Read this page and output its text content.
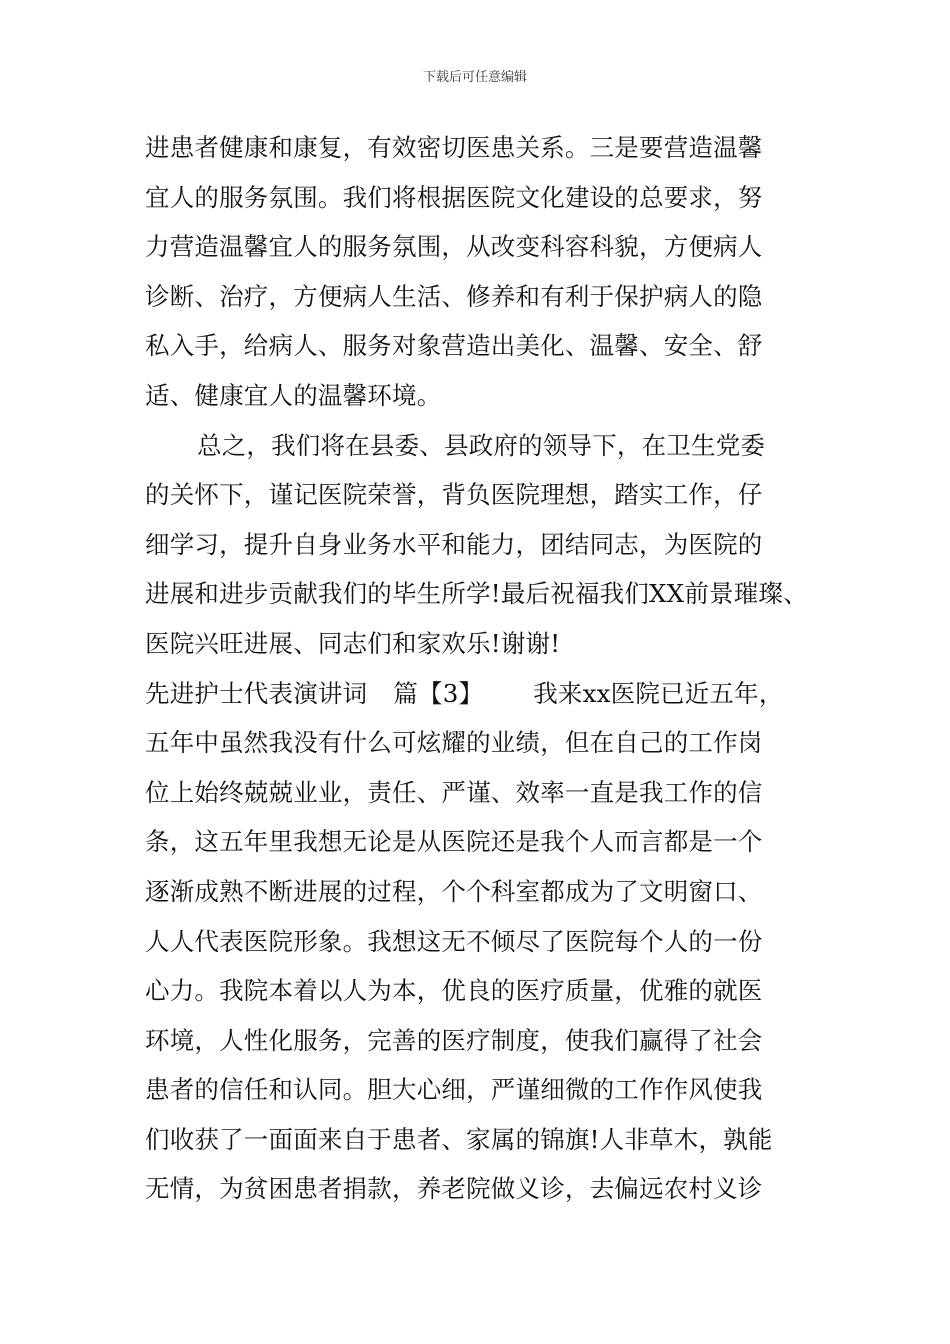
下载后可任意编辑
进患者健康和康复，有效密切医患关系。三是要营造温馨
宜人的服务氛围。我们将根据医院文化建设的总要求，努
力营造温馨宜人的服务氛围，从改变科容科貌，方便病人
诊断、治疗，方便病人生活、修养和有利于保护病人的隐
私入手，给病人、服务对象营造出美化、温馨、安全、舒
适、健康宜人的温馨环境。
总之，我们将在县委、县政府的领导下，在卫生党委
的关怀下，谨记医院荣誉，背负医院理想，踏实工作，仔
细学习，提升自身业务水平和能力，团结同志，为医院的
进展和进步贡献我们的毕生所学!最后祝福我们XX前景璀璨、
医院兴旺进展、同志们和家欢乐!谢谢!
先进护士代表演讲词 篇【3】 我来xx医院已近五年，
五年中虽然我没有什么可炫耀的业绩，但在自己的工作岗
位上始终兢兢业业，责任、严谨、效率一直是我工作的信
条，这五年里我想无论是从医院还是我个人而言都是一个
逐渐成熟不断进展的过程，个个科室都成为了文明窗口、
人人代表医院形象。我想这无不倾尽了医院每个人的一份
心力。我院本着以人为本，优良的医疗质量，优雅的就医
环境，人性化服务，完善的医疗制度，使我们赢得了社会
患者的信任和认同。胆大心细，严谨细微的工作作风使我
们收获了一面面来自于患者、家属的锦旗!人非草木，孰能
无情，为贫困患者捐款，养老院做义诊，去偏远农村义诊
